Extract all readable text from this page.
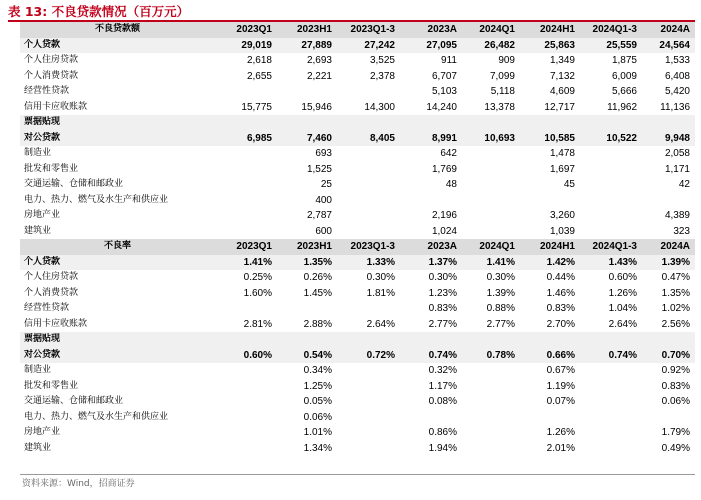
表 13: 不良贷款情况（百万元）
不良贷款额	2023Q1	2023H1	2023Q1-3	2023A	2024Q1	2024H1	2024Q1-3	2024A
个人贷款	29,019	27,889	27,242	27,095	26,482	25,863	25,559	24,564
个人住房贷款	2,618	2,693	3,525	911	909	1,349	1,875	1,533
个人消费贷款	2,655	2,221	2,378	6,707	7,099	7,132	6,009	6,408
经营性贷款				5,103	5,118	4,609	5,666	5,420
信用卡应收账款	15,775	15,946	14,300	14,240	13,378	12,717	11,962	11,136
票据贴现								
对公贷款	6,985	7,460	8,405	8,991	10,693	10,585	10,522	9,948
制造业		693		642		1,478		2,058
批发和零售业		1,525		1,769		1,697		1,171
交通运输、仓储和邮政业		25		48		45		42
电力、热力、燃气及水生产和供应业		400						
房地产业		2,787		2,196		3,260		4,389
建筑业		600		1,024		1,039		323
不良率	2023Q1	2023H1	2023Q1-3	2023A	2024Q1	2024H1	2024Q1-3	2024A
个人贷款	1.41%	1.35%	1.33%	1.37%	1.41%	1.42%	1.43%	1.39%
个人住房贷款	0.25%	0.26%	0.30%	0.30%	0.30%	0.44%	0.60%	0.47%
个人消费贷款	1.60%	1.45%	1.81%	1.23%	1.39%	1.46%	1.26%	1.35%
经营性贷款				0.83%	0.88%	0.83%	1.04%	1.02%
信用卡应收账款	2.81%	2.88%	2.64%	2.77%	2.77%	2.70%	2.64%	2.56%
票据贴现								
对公贷款	0.60%	0.54%	0.72%	0.74%	0.78%	0.66%	0.74%	0.70%
制造业		0.34%		0.32%		0.67%		0.92%
批发和零售业		1.25%		1.17%		1.19%		0.83%
交通运输、仓储和邮政业		0.05%		0.08%		0.07%		0.06%
电力、热力、燃气及水生产和供应业		0.06%						
房地产业		1.01%		0.86%		1.26%		1.79%
建筑业		1.34%		1.94%		2.01%		0.49%
资料来源：Wind，招商证券
